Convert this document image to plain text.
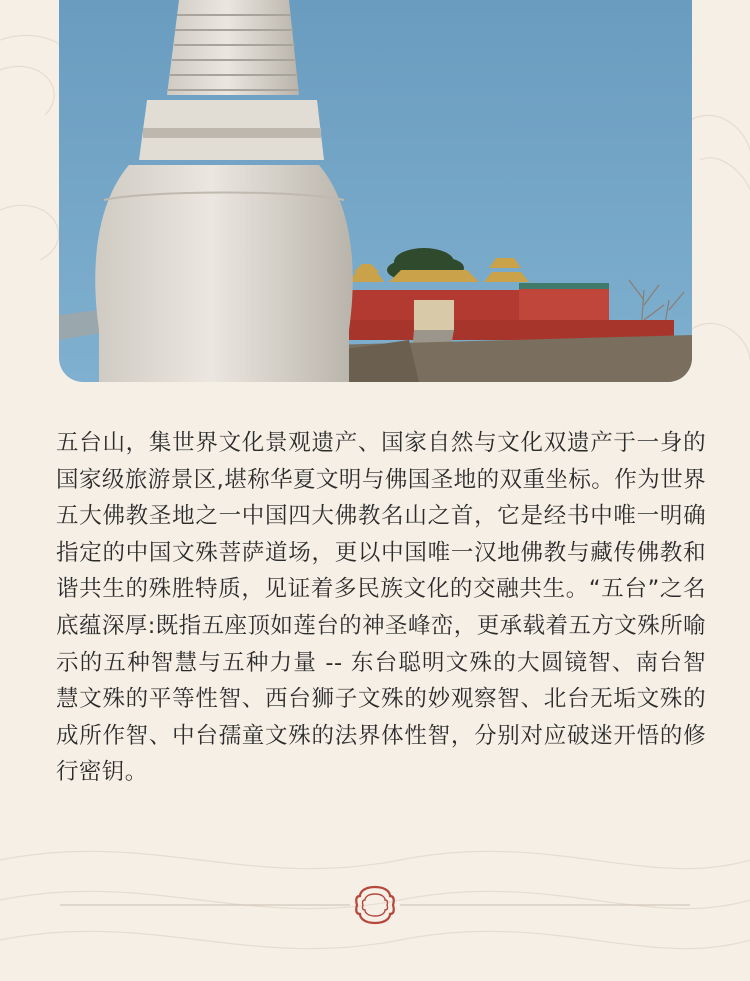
五台山，集世界文化景观遗产、国家自然与文化双遗产于一身的国家级旅游景区,堪称华夏文明与佛国圣地的双重坐标。作为世界五大佛教圣地之一中国四大佛教名山之首，它是经书中唯一明确指定的中国文殊菩萨道场，更以中国唯一汉地佛教与藏传佛教和谐共生的殊胜特质，见证着多民族文化的交融共生。“五台”之名底蕴深厚:既指五座顶如莲台的神圣峰峦，更承载着五方文殊所喻示的五种智慧与五种力量 -- 东台聪明文殊的大圆镜智、南台智慧文殊的平等性智、西台狮子文殊的妙观察智、北台无垢文殊的成所作智、中台孺童文殊的法界体性智，分别对应破迷开悟的修行密钥。
